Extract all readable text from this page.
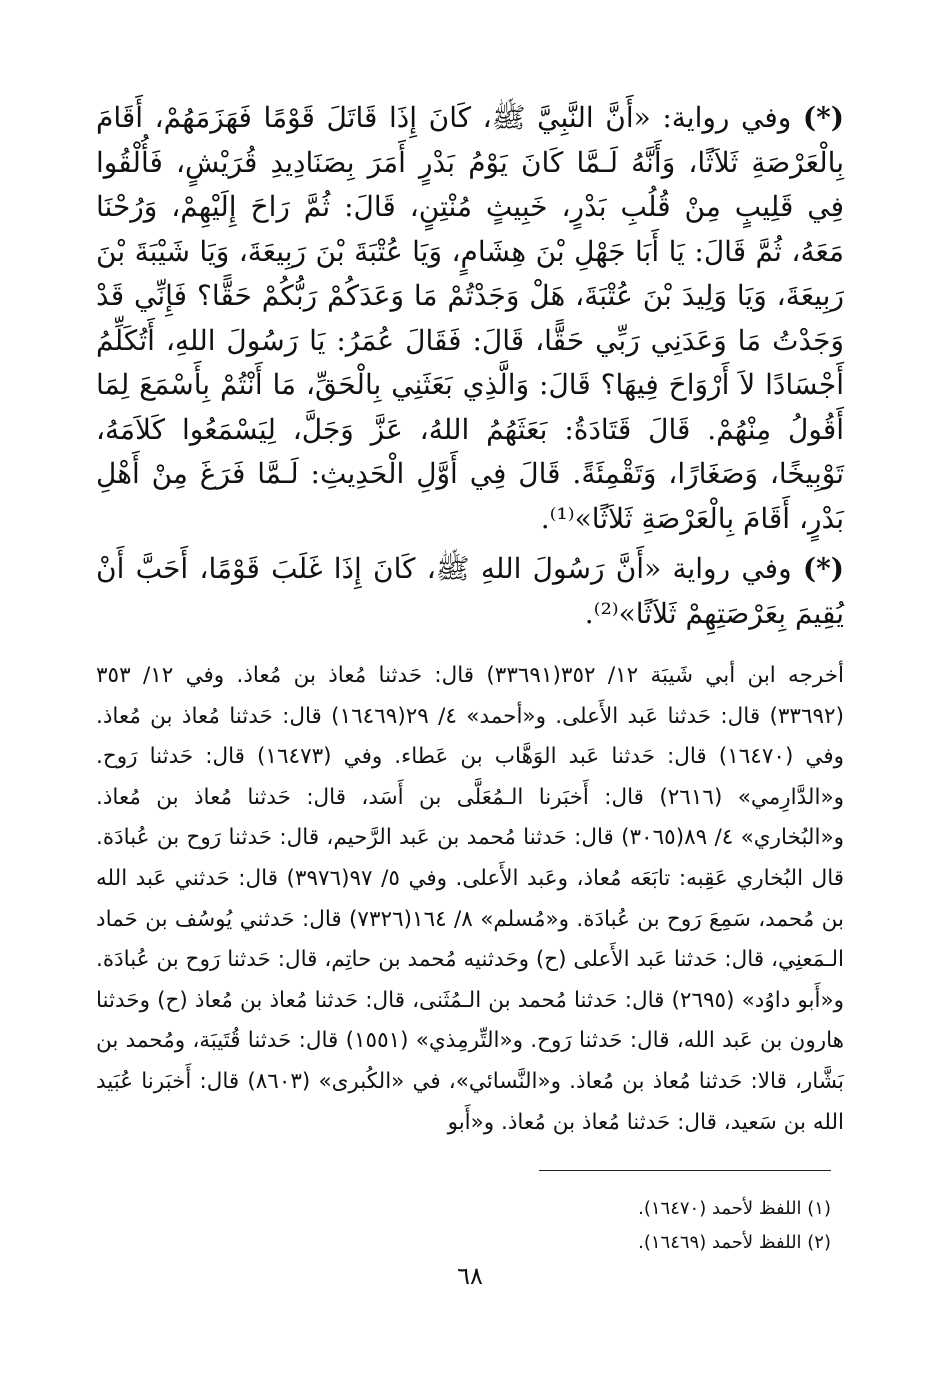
(*) وفي رواية: «أَنَّ النَّبِيَّ ﷺ، كَانَ إِذَا قَاتَلَ قَوْمًا فَهَزَمَهُمْ، أَقَامَ بِالْعَرْصَةِ ثَلاَثًا، وَأَنَّهُ لَـمَّا كَانَ يَوْمُ بَدْرٍ أَمَرَ بِصَنَادِيدِ قُرَيْشٍ، فَأُلْقُوا فِي قَلِيبٍ مِنْ قُلُبِ بَدْرٍ، خَبِيثٍ مُنْتِنٍ، قَالَ: ثُمَّ رَاحَ إِلَيْهِمْ، وَرُحْنَا مَعَهُ، ثُمَّ قَالَ: يَا أَبَا جَهْلِ بْنَ هِشَامٍ، وَيَا عُتْبَةَ بْنَ رَبِيعَةَ، وَيَا شَيْبَةَ بْنَ رَبِيعَةَ، وَيَا وَلِيدَ بْنَ عُتْبَةَ، هَلْ وَجَدْتُمْ مَا وَعَدَكُمْ رَبُّكُمْ حَقًّا؟ فَإِنِّي قَدْ وَجَدْتُ مَا وَعَدَنِي رَبِّي حَقًّا، قَالَ: فَقَالَ عُمَرُ: يَا رَسُولَ اللهِ، أَتُكَلِّمُ أَجْسَادًا لاَ أَرْوَاحَ فِيهَا؟ قَالَ: وَالَّذِي بَعَثَنِي بِالْحَقِّ، مَا أَنْتُمْ بِأَسْمَعَ لِمَا أَقُولُ مِنْهُمْ. قَالَ قَتَادَةُ: بَعَثَهُمُ اللهُ، عَزَّ وَجَلَّ، لِيَسْمَعُوا كَلاَمَهُ، تَوْبِيخًا، وَصَغَارًا، وَتَقْمِئَةً. قَالَ فِي أَوَّلِ الْحَدِيثِ: لَـمَّا فَرَغَ مِنْ أَهْلِ بَدْرٍ، أَقَامَ بِالْعَرْصَةِ ثَلاَثًا»⁽¹⁾.

(*) وفي رواية «أَنَّ رَسُولَ اللهِ ﷺ، كَانَ إِذَا غَلَبَ قَوْمًا، أَحَبَّ أَنْ يُقِيمَ بِعَرْصَتِهِمْ ثَلاَثًا»⁽²⁾.

أخرجه ابن أبي شَيبَة ١٢/ ٣٥٢(٣٣٦٩١) قال: حَدثنا مُعاذ بن مُعاذ. وفي ١٢/ ٣٥٣ (٣٣٦٩٢) قال: حَدثنا عَبد الأَعلى. و«أحمد» ٤/ ٢٩(١٦٤٦٩) قال: حَدثنا مُعاذ بن مُعاذ. وفي (١٦٤٧٠) قال: حَدثنا عَبد الوَهَّاب بن عَطاء. وفي (١٦٤٧٣) قال: حَدثنا رَوح. و«الدَّارِمي» (٢٦١٦) قال: أَخبَرنا الـمُعَلَّى بن أَسَد، قال: حَدثنا مُعاذ بن مُعاذ. و«البُخاري» ٤/ ٨٩(٣٠٦٥) قال: حَدثنا مُحمد بن عَبد الرَّحيم، قال: حَدثنا رَوح بن عُبادَة. قال البُخاري عَقِبه: تابَعَه مُعاذ، وعَبد الأَعلى. وفي ٥/ ٩٧(٣٩٧٦) قال: حَدثني عَبد الله بن مُحمد، سَمِعَ رَوح بن عُبادَة. و«مُسلم» ٨/ ١٦٤(٧٣٢٦) قال: حَدثني يُوسُف بن حَماد الـمَعنِي، قال: حَدثنا عَبد الأَعلى (ح) وحَدثنيه مُحمد بن حاتِم، قال: حَدثنا رَوح بن عُبادَة. و«أَبو داوُد» (٢٦٩٥) قال: حَدثنا مُحمد بن الـمُثَنى، قال: حَدثنا مُعاذ بن مُعاذ (ح) وحَدثنا هارون بن عَبد الله، قال: حَدثنا رَوح. و«التِّرمِذي» (١٥٥١) قال: حَدثنا قُتَيبَة، ومُحمد بن بَشَّار، قالا: حَدثنا مُعاذ بن مُعاذ. و«النَّسائي»، في «الكُبرى» (٨٦٠٣) قال: أَخبَرنا عُبَيد الله بن سَعيد، قال: حَدثنا مُعاذ بن مُعاذ. و«أَبو

(١) اللفظ لأحمد (١٦٤٧٠).

(٢) اللفظ لأحمد (١٦٤٦٩).

٦٨
